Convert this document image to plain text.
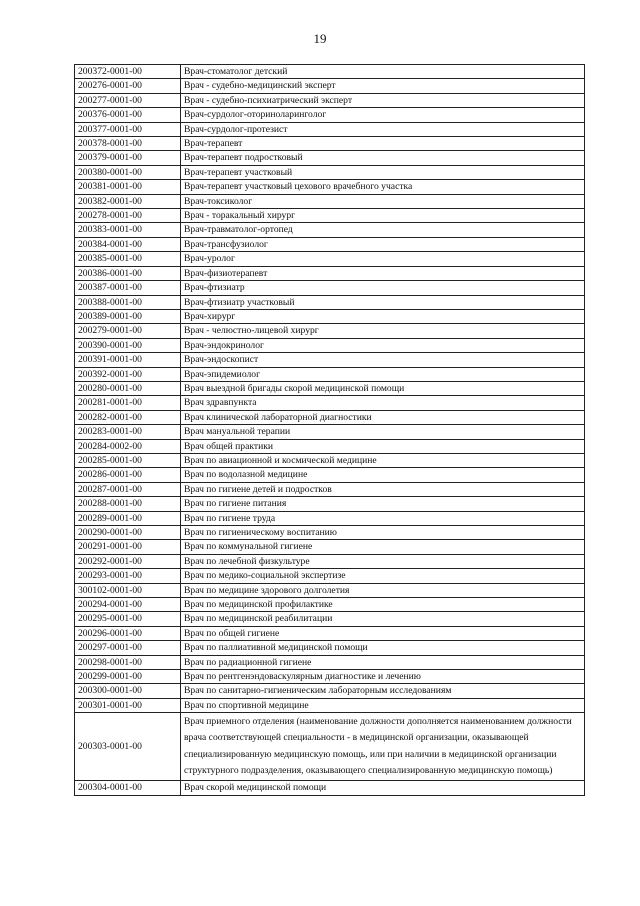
19
200372-0001-00	Врач-стоматолог детский
200276-0001-00	Врач - судебно-медицинский эксперт
200277-0001-00	Врач - судебно-психиатрический эксперт
200376-0001-00	Врач-сурдолог-оториноларинголог
200377-0001-00	Врач-сурдолог-протезист
200378-0001-00	Врач-терапевт
200379-0001-00	Врач-терапевт подростковый
200380-0001-00	Врач-терапевт участковый
200381-0001-00	Врач-терапевт участковый цехового врачебного участка
200382-0001-00	Врач-токсиколог
200278-0001-00	Врач - торакальный хирург
200383-0001-00	Врач-травматолог-ортопед
200384-0001-00	Врач-трансфузиолог
200385-0001-00	Врач-уролог
200386-0001-00	Врач-физиотерапевт
200387-0001-00	Врач-фтизиатр
200388-0001-00	Врач-фтизиатр участковый
200389-0001-00	Врач-хирург
200279-0001-00	Врач - челюстно-лицевой хирург
200390-0001-00	Врач-эндокринолог
200391-0001-00	Врач-эндоскопист
200392-0001-00	Врач-эпидемиолог
200280-0001-00	Врач выездной бригады скорой медицинской помощи
200281-0001-00	Врач здравпункта
200282-0001-00	Врач клинической лабораторной диагностики
200283-0001-00	Врач мануальной терапии
200284-0002-00	Врач общей практики
200285-0001-00	Врач по авиационной и космической медицине
200286-0001-00	Врач по водолазной медицине
200287-0001-00	Врач по гигиене детей и подростков
200288-0001-00	Врач по гигиене питания
200289-0001-00	Врач по гигиене труда
200290-0001-00	Врач по гигиеническому воспитанию
200291-0001-00	Врач по коммунальной гигиене
200292-0001-00	Врач по лечебной физкультуре
200293-0001-00	Врач по медико-социальной экспертизе
300102-0001-00	Врач по медицине здорового долголетия
200294-0001-00	Врач по медицинской профилактике
200295-0001-00	Врач по медицинской реабилитации
200296-0001-00	Врач по общей гигиене
200297-0001-00	Врач по паллиативной медицинской помощи
200298-0001-00	Врач по радиационной гигиене
200299-0001-00	Врач по рентгенэндоваскулярным диагностике и лечению
200300-0001-00	Врач по санитарно-гигиеническим лабораторным исследованиям
200301-0001-00	Врач по спортивной медицине
200303-0001-00	Врач приемного отделения (наименование должности дополняется наименованием должности врача соответствующей специальности - в медицинской организации, оказывающей специализированную медицинскую помощь, или при наличии в медицинской организации структурного подразделения, оказывающего специализированную медицинскую помощь)
200304-0001-00	Врач скорой медицинской помощи
